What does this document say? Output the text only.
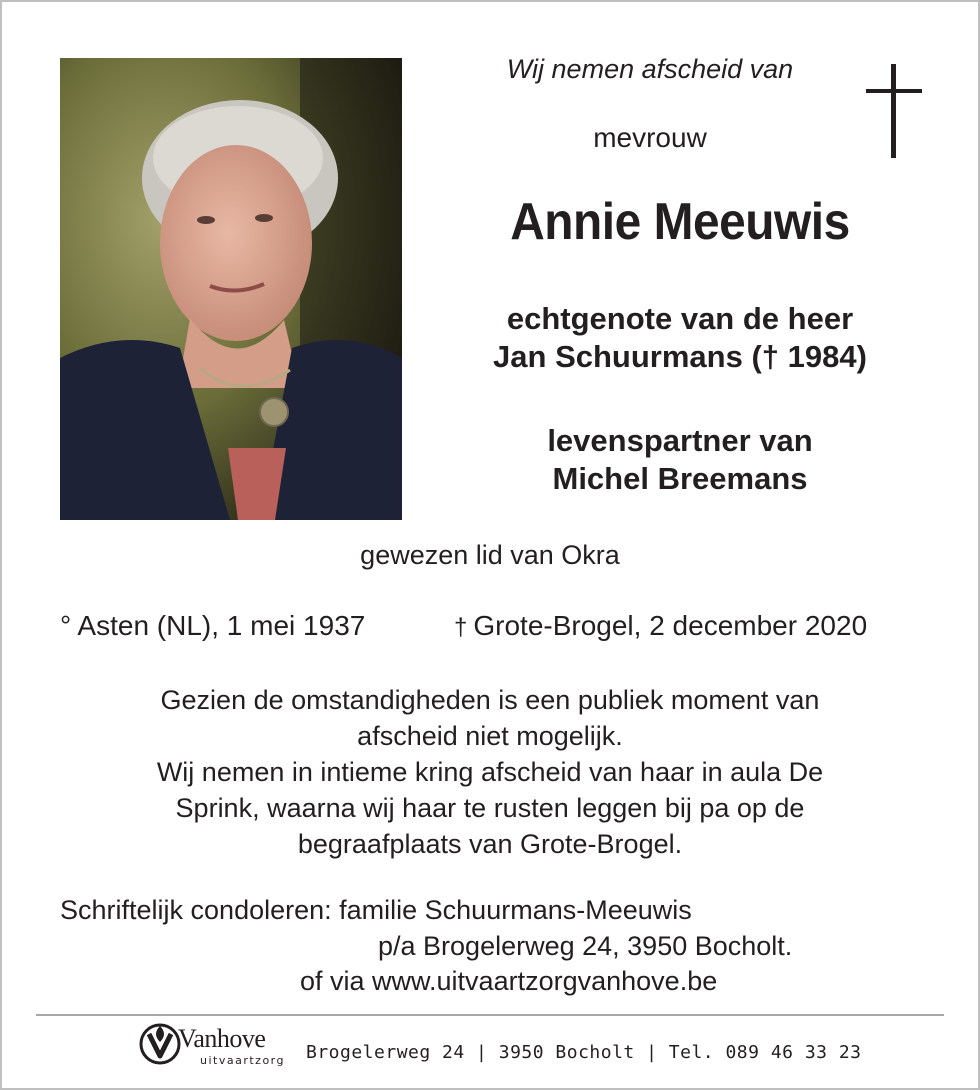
Wij nemen afscheid van
mevrouw
Annie Meeuwis
echtgenote van de heer
Jan Schuurmans († 1984)
levenspartner van
Michel Breemans
gewezen lid van Okra
° Asten (NL), 1 mei 1937	† Grote-Brogel, 2 december 2020
Gezien de omstandigheden is een publiek moment van
afscheid niet mogelijk.
Wij nemen in intieme kring afscheid van haar in aula De
Sprink, waarna wij haar te rusten leggen bij pa op de
begraafplaats van Grote-Brogel.
Schriftelijk condoleren: familie Schuurmans-Meeuwis
p/a Brogelerweg 24, 3950 Bocholt.
of via www.uitvaartzorgvanhove.be
Vanhove
uitvaartzorg Brogelerweg 24 | 3950 Bocholt | Tel. 089 46 33 23
